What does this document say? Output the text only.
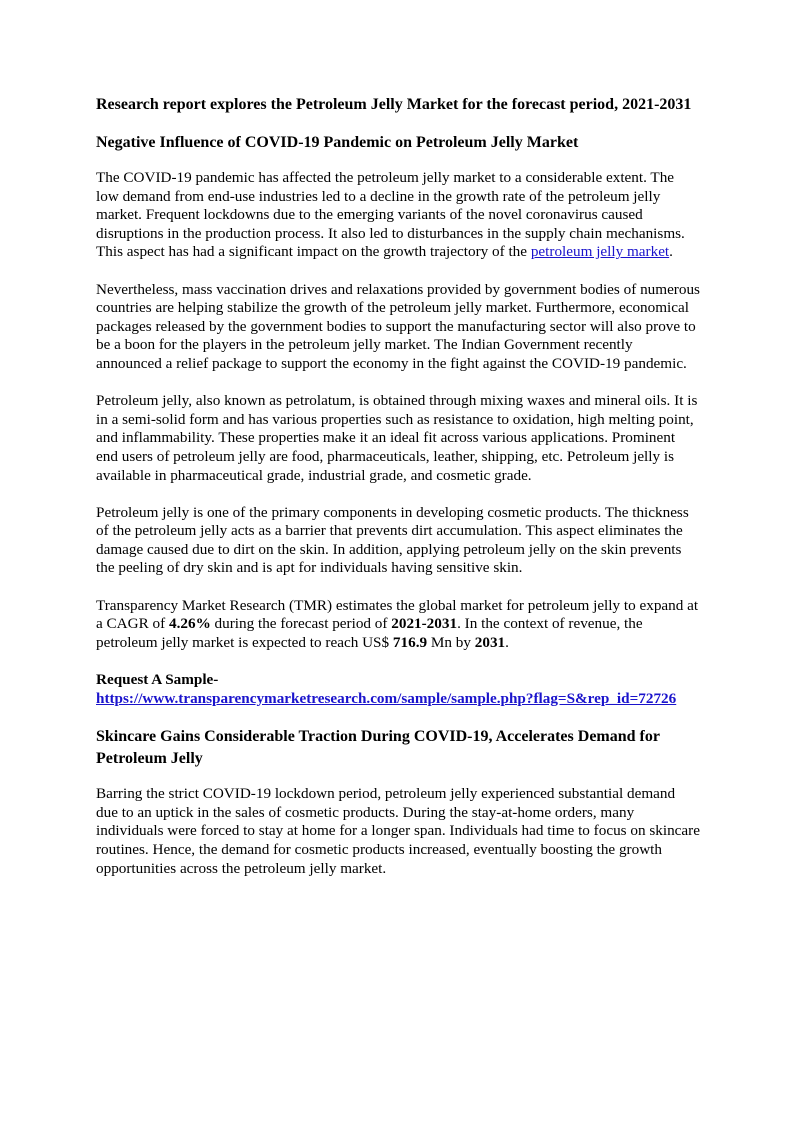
Research report explores the Petroleum Jelly Market for the forecast period, 2021-2031
Negative Influence of COVID-19 Pandemic on Petroleum Jelly Market

The COVID-19 pandemic has affected the petroleum jelly market to a considerable extent. The low demand from end-use industries led to a decline in the growth rate of the petroleum jelly market. Frequent lockdowns due to the emerging variants of the novel coronavirus caused disruptions in the production process. It also led to disturbances in the supply chain mechanisms. This aspect has had a significant impact on the growth trajectory of the petroleum jelly market.

Nevertheless, mass vaccination drives and relaxations provided by government bodies of numerous countries are helping stabilize the growth of the petroleum jelly market. Furthermore, economical packages released by the government bodies to support the manufacturing sector will also prove to be a boon for the players in the petroleum jelly market. The Indian Government recently announced a relief package to support the economy in the fight against the COVID-19 pandemic.

Petroleum jelly, also known as petrolatum, is obtained through mixing waxes and mineral oils. It is in a semi-solid form and has various properties such as resistance to oxidation, high melting point, and inflammability. These properties make it an ideal fit across various applications. Prominent end users of petroleum jelly are food, pharmaceuticals, leather, shipping, etc. Petroleum jelly is available in pharmaceutical grade, industrial grade, and cosmetic grade.

Petroleum jelly is one of the primary components in developing cosmetic products. The thickness of the petroleum jelly acts as a barrier that prevents dirt accumulation. This aspect eliminates the damage caused due to dirt on the skin. In addition, applying petroleum jelly on the skin prevents the peeling of dry skin and is apt for individuals having sensitive skin.

Transparency Market Research (TMR) estimates the global market for petroleum jelly to expand at a CAGR of 4.26% during the forecast period of 2021-2031. In the context of revenue, the petroleum jelly market is expected to reach US$ 716.9 Mn by 2031.

Request A Sample-
https://www.transparencymarketresearch.com/sample/sample.php?flag=S&rep_id=72726
Skincare Gains Considerable Traction During COVID-19, Accelerates Demand for Petroleum Jelly

Barring the strict COVID-19 lockdown period, petroleum jelly experienced substantial demand due to an uptick in the sales of cosmetic products. During the stay-at-home orders, many individuals were forced to stay at home for a longer span. Individuals had time to focus on skincare routines. Hence, the demand for cosmetic products increased, eventually boosting the growth opportunities across the petroleum jelly market.
